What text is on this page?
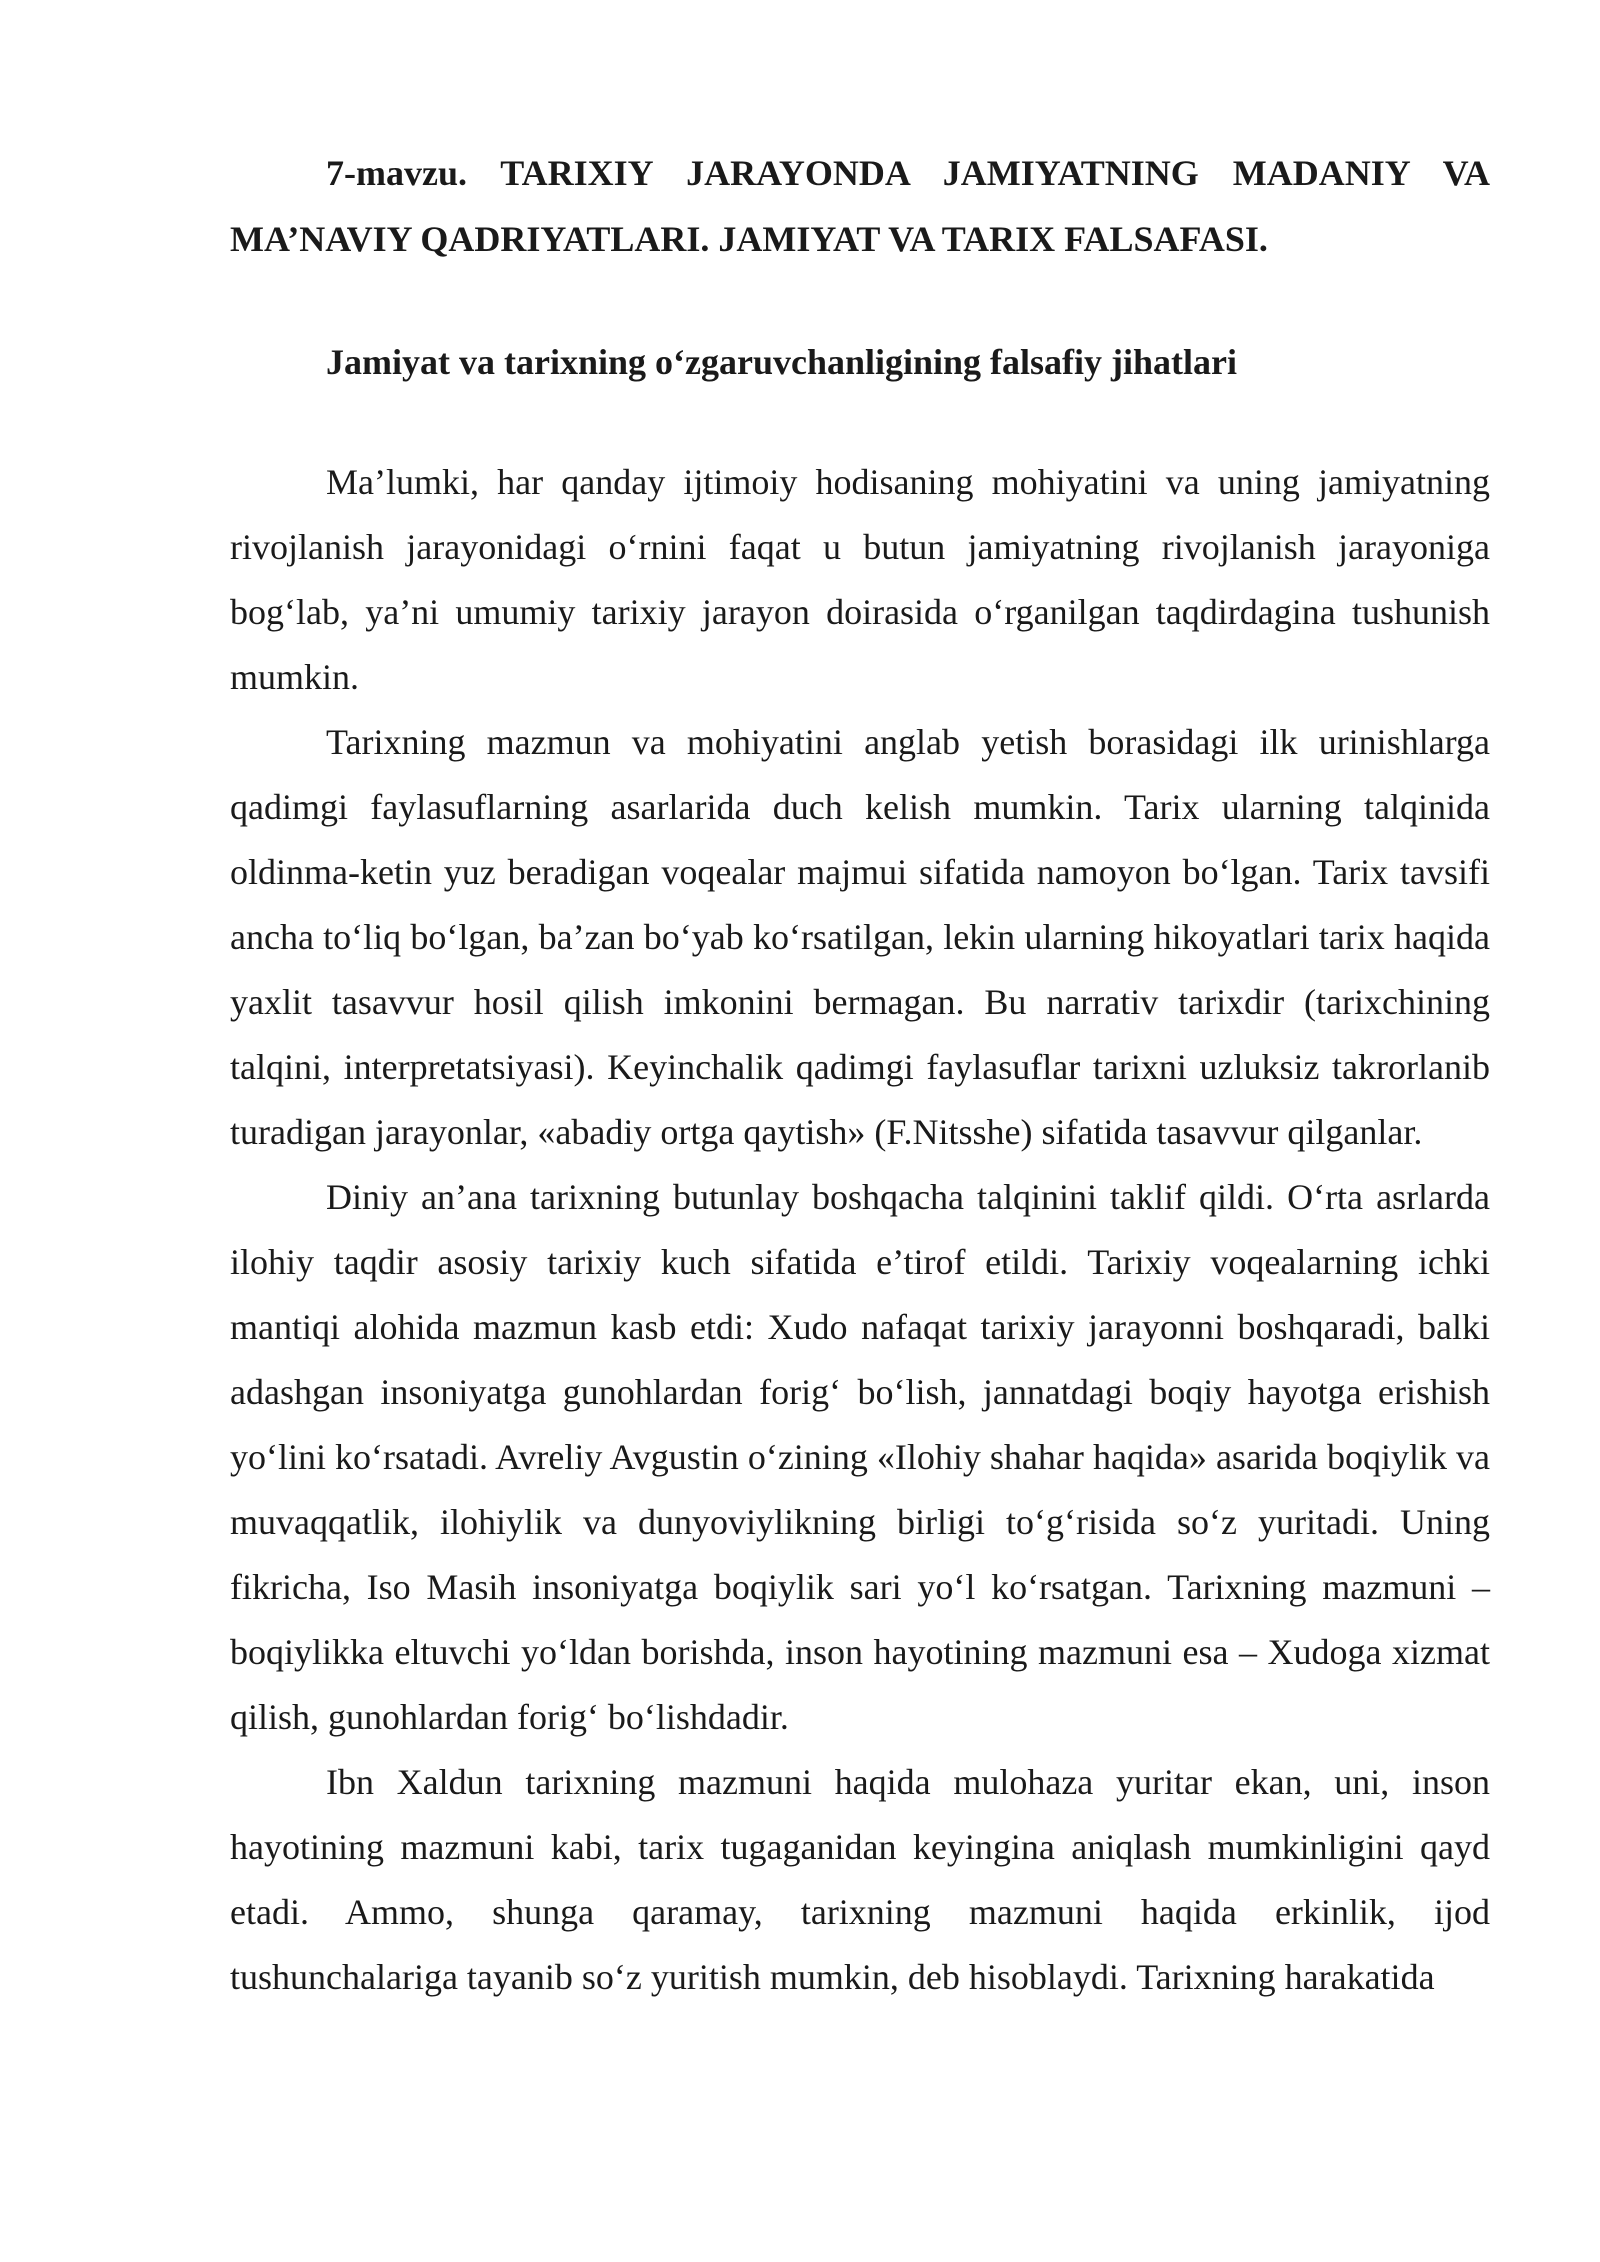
7-mavzu. TARIXIY JARAYONDA JAMIYATNING MADANIY VA MA’NAVIY QADRIYATLARI. JAMIYAT VA TARIX FALSAFASI.

Jamiyat va tarixning o‘zgaruvchanligining falsafiy jihatlari

Ma’lumki, har qanday ijtimoiy hodisaning mohiyatini va uning jamiyatning rivojlanish jarayonidagi o‘rnini faqat u butun jamiyatning rivojlanish jarayoniga bog‘lab, ya’ni umumiy tarixiy jarayon doirasida o‘rganilgan taqdirdagina tushunish mumkin.

Tarixning mazmun va mohiyatini anglab yetish borasidagi ilk urinishlarga qadimgi faylasuflarning asarlarida duch kelish mumkin. Tarix ularning talqinida oldinma-ketin yuz beradigan voqealar majmui sifatida namoyon bo‘lgan. Tarix tavsifi ancha to‘liq bo‘lgan, ba’zan bo‘yab ko‘rsatilgan, lekin ularning hikoyatlari tarix haqida yaxlit tasavvur hosil qilish imkonini bermagan. Bu narrativ tarixdir (tarixchining talqini, interpretatsiyasi). Keyinchalik qadimgi faylasuflar tarixni uzluksiz takrorlanib turadigan jarayonlar, «abadiy ortga qaytish» (F.Nitsshe) sifatida tasavvur qilganlar.

Diniy an’ana tarixning butunlay boshqacha talqinini taklif qildi. O‘rta asrlarda ilohiy taqdir asosiy tarixiy kuch sifatida e’tirof etildi. Tarixiy voqealarning ichki mantiqi alohida mazmun kasb etdi: Xudo nafaqat tarixiy jarayonni boshqaradi, balki adashgan insoniyatga gunohlardan forig‘ bo‘lish, jannatdagi boqiy hayotga erishish yo‘lini ko‘rsatadi. Avreliy Avgustin o‘zining «Ilohiy shahar haqida» asarida boqiylik va muvaqqatlik, ilohiylik va dunyoviylikning birligi to‘g‘risida so‘z yuritadi. Uning fikricha, Iso Masih insoniyatga boqiylik sari yo‘l ko‘rsatgan. Tarixning mazmuni – boqiylikka eltuvchi yo‘ldan borishda, inson hayotining mazmuni esa – Xudoga xizmat qilish, gunohlardan forig‘ bo‘lishdadir.

Ibn Xaldun tarixning mazmuni haqida mulohaza yuritar ekan, uni, inson hayotining mazmuni kabi, tarix tugaganidan keyingina aniqlash mumkinligini qayd etadi. Ammo, shunga qaramay, tarixning mazmuni haqida erkinlik, ijod tushunchalariga tayanib so‘z yuritish mumkin, deb hisoblaydi. Tarixning harakatida
